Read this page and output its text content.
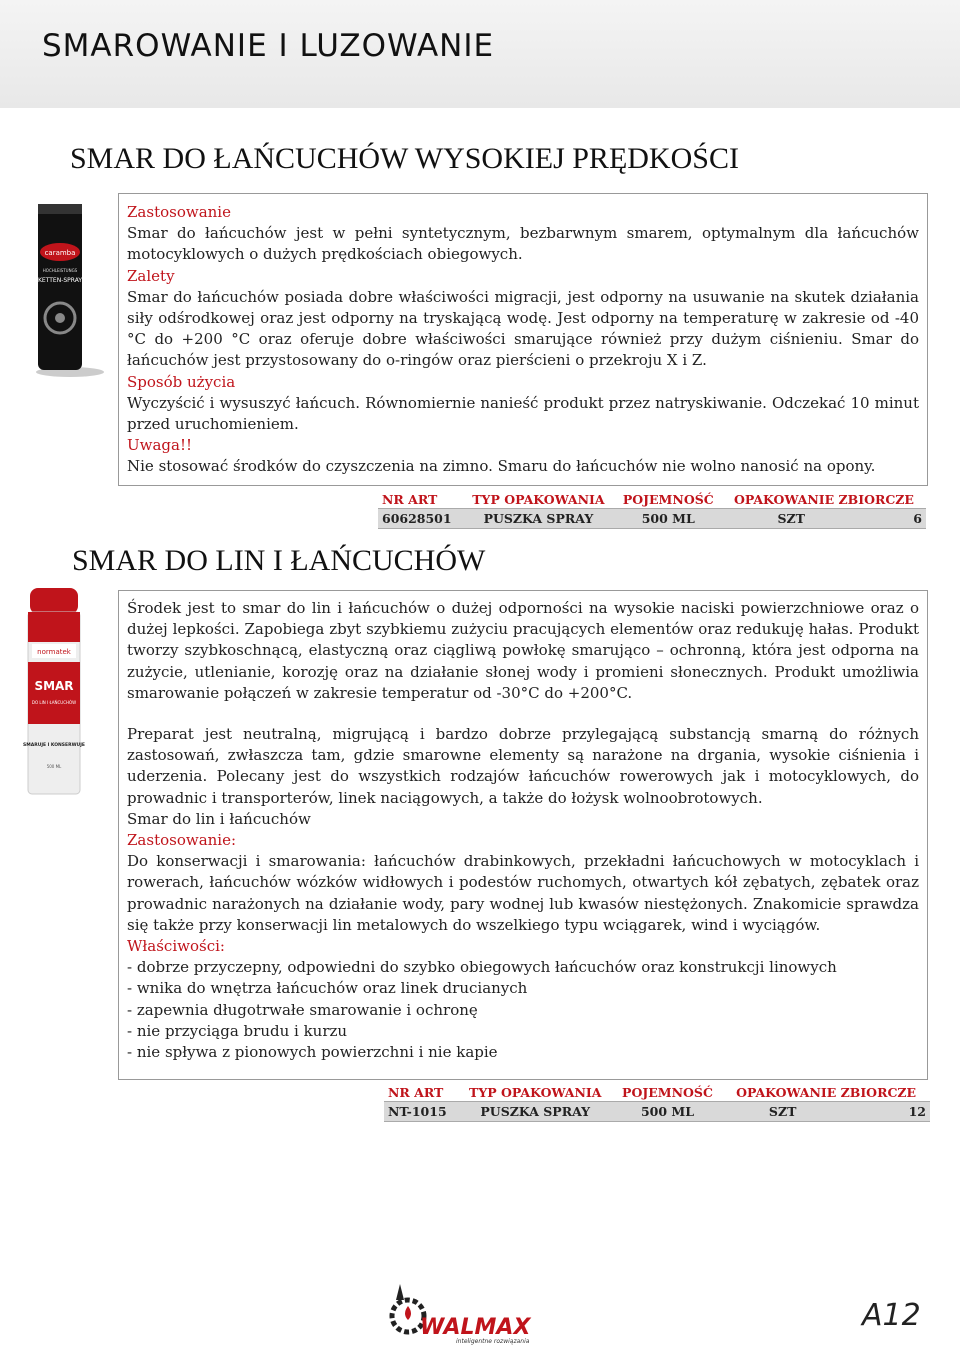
SMAROWANIE I LUZOWANIE
SMAR DO ŁAŃCUCHÓW WYSOKIEJ PRĘDKOŚCI
caramba
HOCHLEISTUNGS
KETTEN-SPRAY

Zastosowanie

Smar do łańcuchów jest w pełni syntetycznym, bezbarwnym smarem, optymalnym dla łańcuchów motocyklowych o dużych prędkościach obiegowych.

Zalety

Smar do łańcuchów posiada dobre właściwości migracji, jest odporny na usuwanie na skutek działania siły odśrodkowej oraz jest odporny na tryskającą wodę. Jest odporny na temperaturę w zakresie od -40 °C do +200 °C oraz oferuje dobre właściwości smarujące również przy dużym ciśnieniu. Smar do łańcuchów jest przystosowany do o-ringów oraz pierścieni o przekroju X i Z.

Sposób użycia

Wyczyścić i wysuszyć łańcuch. Równomiernie nanieść produkt przez natryskiwanie. Odczekać 10 minut przed uruchomieniem.

Uwaga!!

Nie stosować środków do czyszczenia na zimno. Smaru do łańcuchów nie wolno nanosić na opony.

NR ART	TYP OPAKOWANIA	POJEMNOŚĆ	OPAKOWANIE ZBIORCZE	
60628501	PUSZKA SPRAY	500 ML	SZT	6
SMAR DO LIN I ŁAŃCUCHÓW
normatek
SMAR
DO LIN I ŁAŃCUCHÓW
SMARUJE I KONSERWUJE
500 ML

Środek jest to smar do lin i łańcuchów o dużej odporności na wysokie naciski powierzchniowe oraz o dużej lepkości. Zapobiega zbyt szybkiemu zużyciu pracujących elementów oraz redukuję hałas. Produkt tworzy szybkoschnącą, elastyczną oraz ciągliwą powłokę smarująco – ochronną, która jest odporna na zużycie, utlenianie, korozję oraz na działanie słonej wody i promieni słonecznych. Produkt umożliwia smarowanie połączeń w zakresie temperatur od -30°C do +200°C.

Preparat jest neutralną, migrującą i bardzo dobrze przylegającą substancją smarną do różnych zastosowań, zwłaszcza tam, gdzie smarowne elementy są narażone na drgania, wysokie ciśnienia i uderzenia. Polecany jest do wszystkich rodzajów łańcuchów rowerowych jak i motocyklowych, do prowadnic i transporterów, linek naciągowych, a także do łożysk wolnoobrotowych.

Smar do lin i łańcuchów

Zastosowanie:

Do konserwacji i smarowania: łańcuchów drabinkowych, przekładni łańcuchowych w motocyklach i rowerach, łańcuchów wózków widłowych i podestów ruchomych, otwartych kół zębatych, zębatek oraz prowadnic narażonych na działanie wody, pary wodnej lub kwasów niestężonych. Znakomicie sprawdza się także przy konserwacji lin metalowych do wszelkiego typu wciągarek, wind i wyciągów.

Właściwości:

- dobrze przyczepny, odpowiedni do szybko obiegowych łańcuchów oraz konstrukcji linowych

- wnika do wnętrza łańcuchów oraz linek drucianych

- zapewnia długotrwałe smarowanie i ochronę

- nie przyciąga brudu i kurzu

- nie spływa z pionowych powierzchni i nie kapie

NR ART	TYP OPAKOWANIA	POJEMNOŚĆ	OPAKOWANIE ZBIORCZE	
NT-1015	PUSZKA SPRAY	500 ML	SZT	12
WALMAX
inteligentne rozwiązania
A12
